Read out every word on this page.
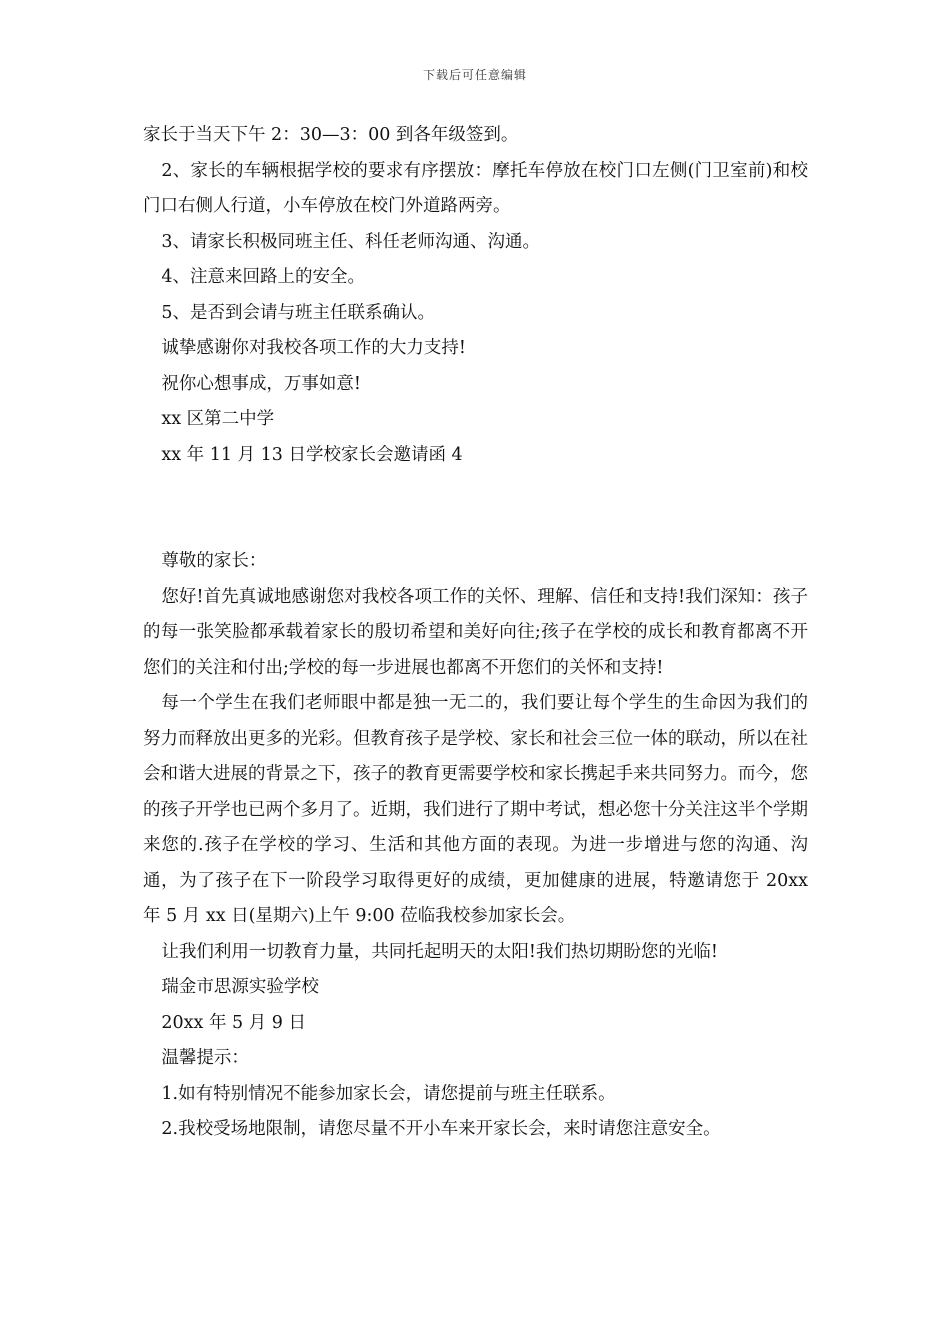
下载后可任意编辑

家长于当天下午 2：30—3：00 到各年级签到。

2、家长的车辆根据学校的要求有序摆放：摩托车停放在校门口左侧(门卫室前)和校门口右侧人行道，小车停放在校门外道路两旁。

3、请家长积极同班主任、科任老师沟通、沟通。

4、注意来回路上的安全。

5、是否到会请与班主任联系确认。

诚挚感谢你对我校各项工作的大力支持!

祝你心想事成，万事如意!

xx 区第二中学

xx 年 11 月 13 日学校家长会邀请函 4

尊敬的家长：

您好!首先真诚地感谢您对我校各项工作的关怀、理解、信任和支持!我们深知：孩子的每一张笑脸都承载着家长的殷切希望和美好向往;孩子在学校的成长和教育都离不开您们的关注和付出;学校的每一步进展也都离不开您们的关怀和支持!

每一个学生在我们老师眼中都是独一无二的，我们要让每个学生的生命因为我们的努力而释放出更多的光彩。但教育孩子是学校、家长和社会三位一体的联动，所以在社会和谐大进展的背景之下，孩子的教育更需要学校和家长携起手来共同努力。而今，您的孩子开学也已两个多月了。近期，我们进行了期中考试，想必您十分关注这半个学期来您的.孩子在学校的学习、生活和其他方面的表现。为进一步增进与您的沟通、沟通，为了孩子在下一阶段学习取得更好的成绩，更加健康的进展，特邀请您于 20xx 年 5 月 xx 日(星期六)上午 9:00 莅临我校参加家长会。

让我们利用一切教育力量，共同托起明天的太阳!我们热切期盼您的光临!

瑞金市思源实验学校

20xx 年 5 月 9 日

温馨提示：

1.如有特别情况不能参加家长会，请您提前与班主任联系。

2.我校受场地限制，请您尽量不开小车来开家长会，来时请您注意安全。
